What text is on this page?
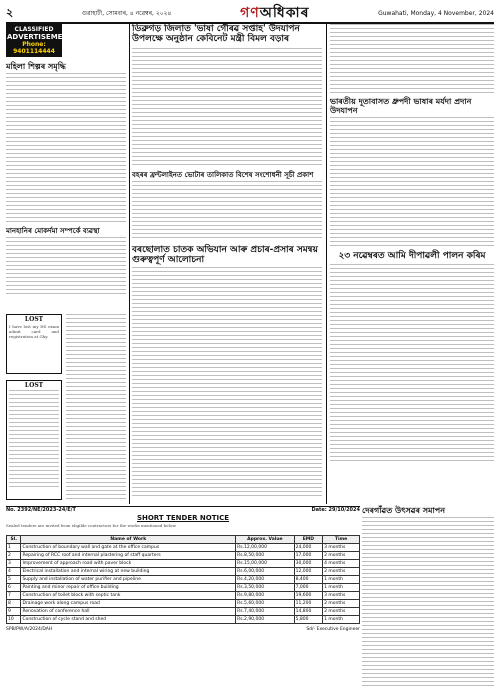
২	গুৱাহাটী, সোমবাৰ, ৪ নৱেম্বৰ, ২০২৪	গণঅধিকাৰ	Guwahati, Monday, 4 November, 2024
CLASSIFIED
ADVERTISEMENT
Phone: 9401114444
মহিলা শিল্পৰ সমৃদ্ধি
মানহানিৰ মোকৰ্দমা সম্পৰ্কে ব্যৱস্থা
LOST
I have lost my HS exam admit card and registration at Ghy.
LOST
ডিব্ৰুগড় জিলাত 'ভাষা গৌৰৱ সপ্তাহ' উদযাপন উপলক্ষে অনুষ্ঠান কেবিনেট মন্ত্ৰী বিমল বড়াৰ
বহৰৰ ফ্ৰন্টলাইনত ভোটাৰ তালিকাত বিশেষ সংশোধনী সূচী প্ৰকাশ
বৰছোলাত চাতক অভিযান আৰু প্ৰচাৰ-প্ৰসাৰ সমন্বয় গুৰুত্বপূৰ্ণ আলোচনা
ভাৰতীয় দূতাবাসত ধ্ৰুপদী ভাষাৰ মৰ্যদা প্ৰদান উদযাপন
২৩ নৱেম্বৰত আমি দীপাৱলী পালন কৰিম
No. 2392/NE/2023-24/E/T	Date: 29/10/2024
SHORT TENDER NOTICE
Sealed tenders are invited from eligible contractors for the works mentioned below.
Sl.	Name of Work	Approx. Value	EMD	Time
1	Construction of boundary wall and gate at the office campus	Rs.12,00,000	24,000	3 months
2	Repairing of RCC roof and internal plastering of staff quarters	Rs.8,50,000	17,000	2 months
3	Improvement of approach road with paver block	Rs.15,00,000	30,000	4 months
4	Electrical installation and internal wiring at new building	Rs.6,00,000	12,000	2 months
5	Supply and installation of water purifier and pipeline	Rs.4,20,000	8,400	1 month
6	Painting and minor repair of office building	Rs.3,50,000	7,000	1 month
7	Construction of toilet block with septic tank	Rs.9,80,000	19,600	3 months
8	Drainage work along campus road	Rs.5,60,000	11,200	2 months
9	Renovation of conference hall	Rs.7,40,000	14,800	2 months
10	Construction of cycle stand and shed	Rs.2,90,000	5,800	1 month
SPB/PW/A/2024/DAH	Sd/- Executive Engineer
দেৰগাঁৱত উৎসৱৰ সমাপন
